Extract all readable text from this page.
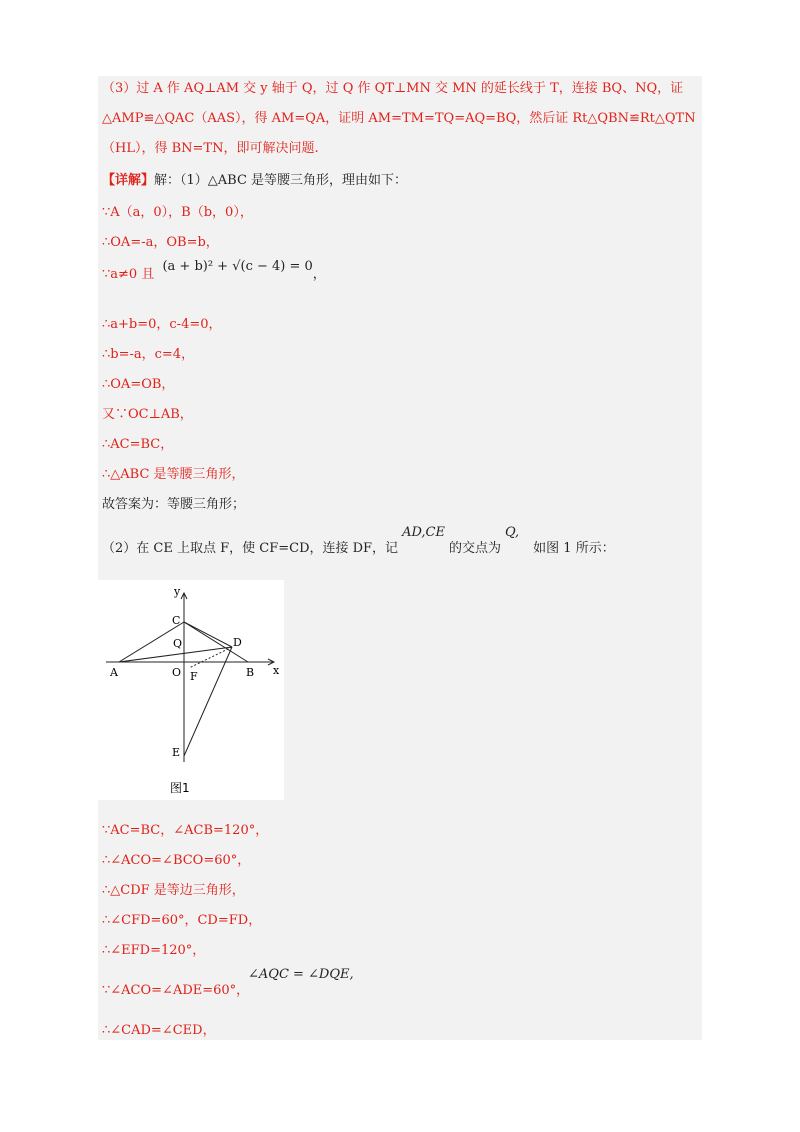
（3）过 A 作 AQ⊥AM 交 y 轴于 Q，过 Q 作 QT⊥MN 交 MN 的延长线于 T，连接 BQ、NQ，证
△AMP≌△QAC（AAS），得 AM=QA，证明 AM=TM=TQ=AQ=BQ，然后证 Rt△QBN≌Rt△QTN
（HL），得 BN=TN，即可解决问题.
【详解】解：（1）△ABC 是等腰三角形，理由如下：
∵A（a，0），B（b，0），
∴OA=-a，OB=b，
∵a≠0 且 (a + b)² + √(c − 4) = 0，
∴a+b=0，c-4=0，
∴b=-a，c=4，
∴OA=OB，
又∵OC⊥AB，
∴AC=BC，
∴△ABC 是等腰三角形，
故答案为：等腰三角形；
（2）在 CE 上取点 F，使 CF=CD，连接 DF，记AD,CE的交点为Q,如图 1 所示：
y
x
C
Q	D
A	O F	B
E
图1
∵AC=BC，∠ACB=120°，
∴∠ACO=∠BCO=60°，
∴△CDF 是等边三角形，
∴∠CFD=60°，CD=FD，
∴∠EFD=120°，
∠AQC = ∠DQE,
∵∠ACO=∠ADE=60°，
∴∠CAD=∠CED，
